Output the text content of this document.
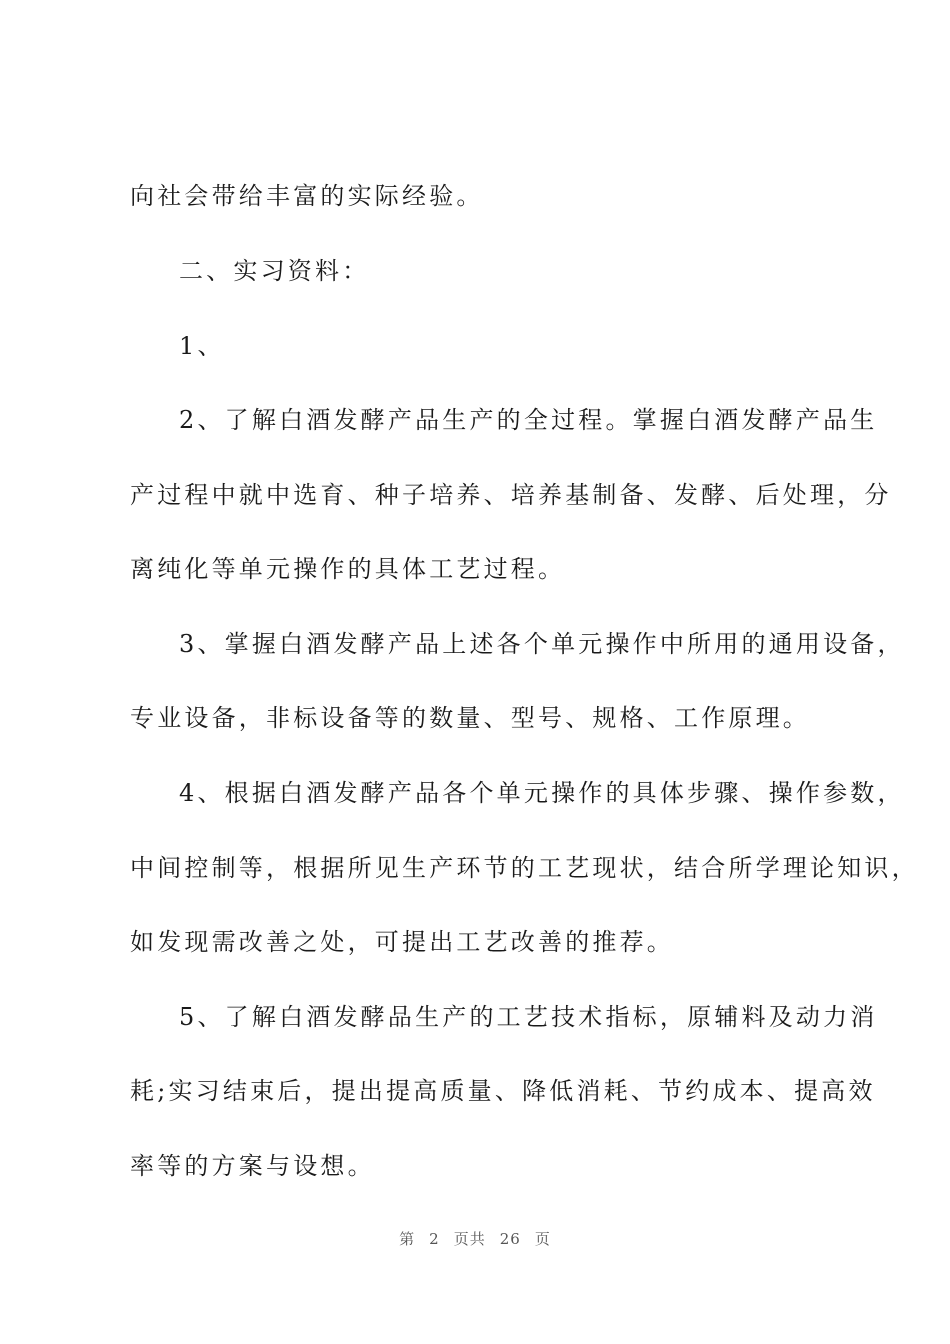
向社会带给丰富的实际经验。
二、实习资料：
1、
2、了解白酒发酵产品生产的全过程。掌握白酒发酵产品生
产过程中就中选育、种子培养、培养基制备、发酵、后处理，分
离纯化等单元操作的具体工艺过程。
3、掌握白酒发酵产品上述各个单元操作中所用的通用设备，
专业设备，非标设备等的数量、型号、规格、工作原理。
4、根据白酒发酵产品各个单元操作的具体步骤、操作参数，
中间控制等，根据所见生产环节的工艺现状，结合所学理论知识，
如发现需改善之处，可提出工艺改善的推荐。
5、了解白酒发酵品生产的工艺技术指标，原辅料及动力消
耗;实习结束后，提出提高质量、降低消耗、节约成本、提高效
率等的方案与设想。
第 2 页共 26 页
